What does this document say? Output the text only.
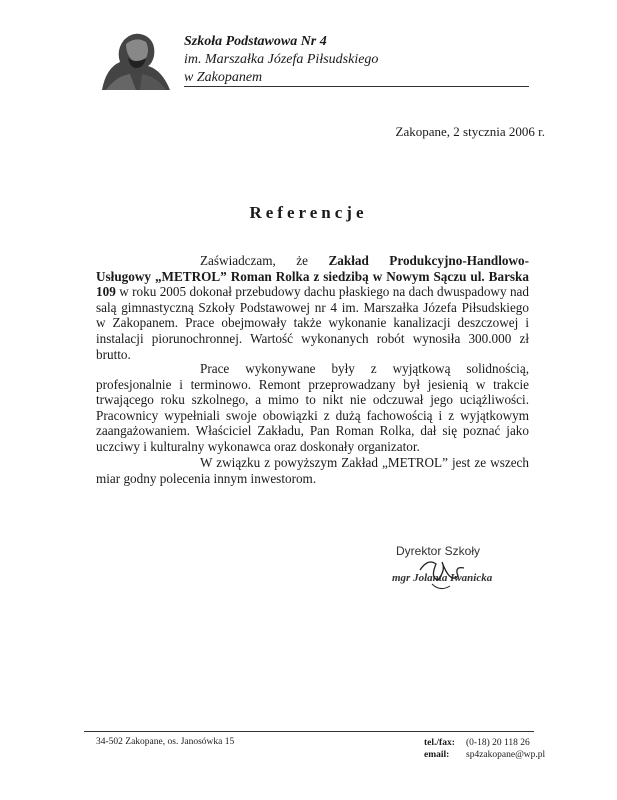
Szkoła Podstawowa Nr 4
im. Marszałka Józefa Piłsudskiego
w Zakopanem
Zakopane, 2 stycznia 2006 r.
Referencje
Zaświadczam, że Zakład Produkcyjno-Handlowo-Usługowy „METROL” Roman Rolka z siedzibą w Nowym Sączu ul. Barska 109 w roku 2005 dokonał przebudowy dachu płaskiego na dach dwuspadowy nad salą gimnastyczną Szkoły Podstawowej nr 4 im. Marszałka Józefa Piłsudskiego w Zakopanem. Prace obejmowały także wykonanie kanalizacji deszczowej i instalacji piorunochronnej. Wartość wykonanych robót wynosiła 300.000 zł brutto.
Prace wykonywane były z wyjątkową solidnością, profesjonalnie i terminowo. Remont przeprowadzany był jesienią w trakcie trwającego roku szkolnego, a mimo to nikt nie odczuwał jego uciążliwości. Pracownicy wypełniali swoje obowiązki z dużą fachowością i z wyjątkowym zaangażowaniem. Właściciel Zakładu, Pan Roman Rolka, dał się poznać jako uczciwy i kulturalny wykonawca oraz doskonały organizator.
W związku z powyższym Zakład „METROL” jest ze wszech miar godny polecenia innym inwestorom.
Dyrektor Szkoły
mgr Jolanta Iwanicka
34-502 Zakopane, os. Janosówka 15	tel./fax: (0-18) 20 118 26
email: sp4zakopane@wp.pl
